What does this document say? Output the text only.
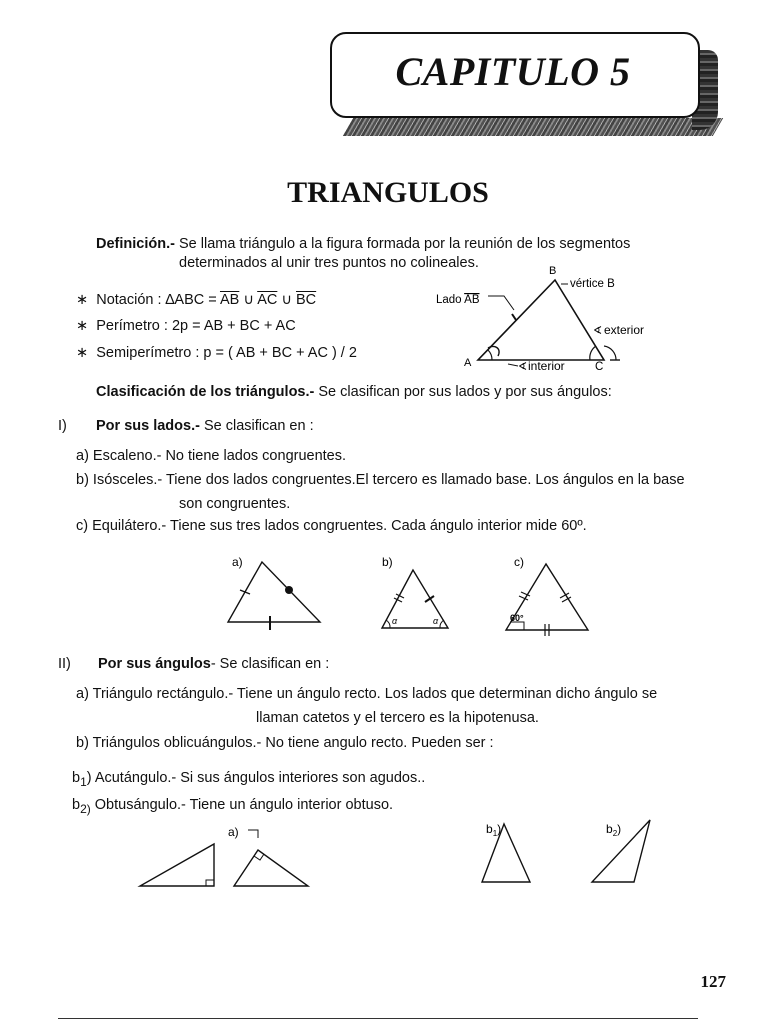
CAPITULO 5
TRIANGULOS
Definición.- Se llama triángulo a la figura formada por la reunión de los segmentos
determinados al unir tres puntos no colineales.
∗  Notación : $\Delta ABC = \overline{AB}$ ∪ $\overline{AC}$ ∪ $\overline{BC}$
∗  Perímetro : 2p = AB + BC + AC
∗  Semiperímetro : p = ( AB + BC + AC ) / 2
B
vértice B
Lado AB
∢ exterior
A	∢ interior	C
Clasificación de los triángulos.- Se clasifican por sus lados y por sus ángulos:
I) Por sus lados.- Se clasifican en :
a) Escaleno.- No tiene lados congruentes.
b) Isósceles.- Tiene dos lados congruentes.El tercero es llamado base. Los ángulos en la base
son congruentes.
c) Equilátero.- Tiene sus tres lados congruentes. Cada ángulo interior mide 60º.
a)	b)
α	α
c)
60°
II) Por sus ángulos- Se clasifican en :
a) Triángulo rectángulo.- Tiene un ángulo recto. Los lados que determinan dicho ángulo se
llaman catetos y el tercero es la hipotenusa.
b) Triángulos oblicuángulos.- No tiene angulo recto. Pueden ser :
$b_1$) Acutángulo.- Si sus ángulos interiores son agudos..
$b_{2)}$ Obtusángulo.- Tiene un ángulo interior obtuso.
a)	$b_1$)	$b_2$)
127
